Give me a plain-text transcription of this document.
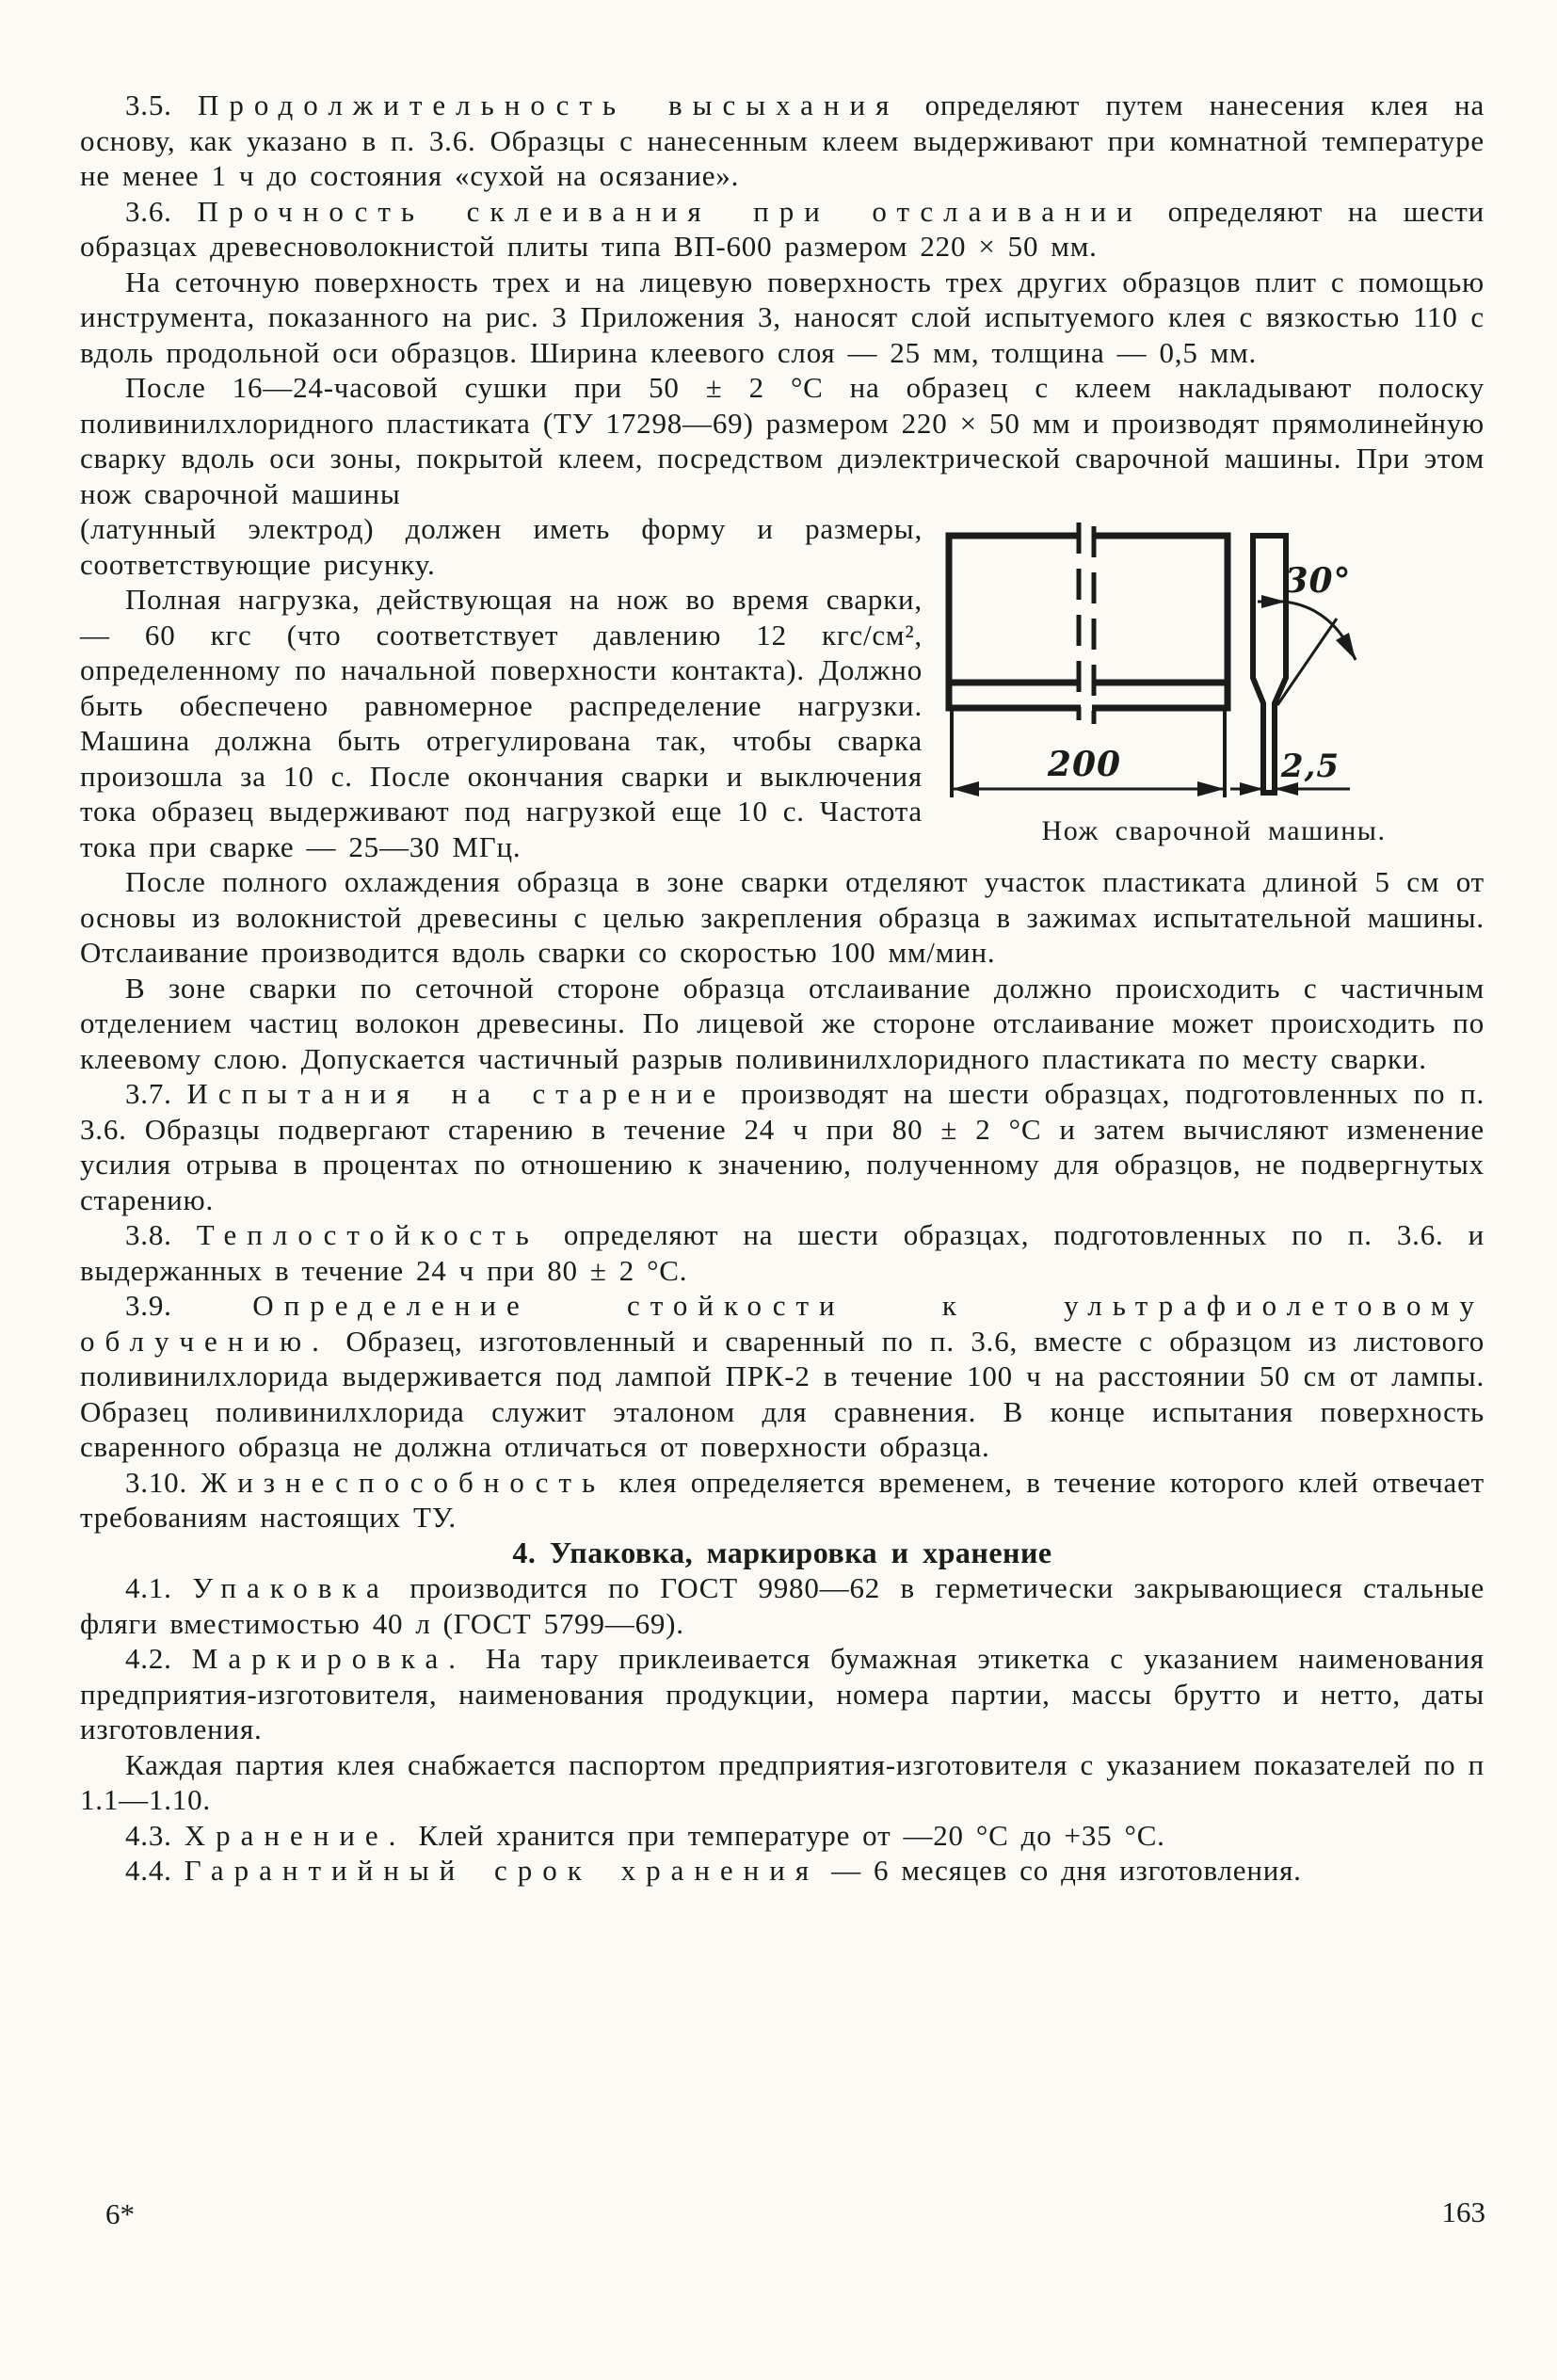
3.5. Продолжительность высыхания определяют путем нанесения клея на основу, как указано в п. 3.6. Образцы с нанесенным клеем выдерживают при комнатной температуре не менее 1 ч до состояния «сухой на осязание».

3.6. Прочность склеивания при отслаивании определяют на шести образцах древесноволокнистой плиты типа ВП-600 размером 220 × 50 мм.

На сеточную поверхность трех и на лицевую поверхность трех других образцов плит с помощью инструмента, показанного на рис. 3 Приложения 3, наносят слой испытуемого клея с вязкостью 110 с вдоль продольной оси образцов. Ширина клеевого слоя — 25 мм, толщина — 0,5 мм.

После 16—24-часовой сушки при 50 ± 2 °С на образец с клеем накладывают полоску поливинилхлоридного пластиката (ТУ 17298—69) размером 220 × 50 мм и производят прямолинейную сварку вдоль оси зоны, покрытой клеем, посредством диэлектрической сварочной машины. При этом нож сварочной машины

200
30°
2,5
Нож сварочной машины.

(латунный электрод) должен иметь форму и размеры, соответствующие рисунку.

Полная нагрузка, действующая на нож во время сварки, — 60 кгс (что соответствует давлению 12 кгс/см², определенному по начальной поверхности контакта). Должно быть обеспечено равномерное распределение нагрузки. Машина должна быть отрегулирована так, чтобы сварка произошла за 10 с. После окончания сварки и выключения тока образец выдерживают под нагрузкой еще 10 с. Частота тока при сварке — 25—30 МГц.

После полного охлаждения образца в зоне сварки отделяют участок пластиката длиной 5 см от основы из волокнистой древесины с целью закрепления образца в зажимах испытательной машины. Отслаивание производится вдоль сварки со скоростью 100 мм/мин.

В зоне сварки по сеточной стороне образца отслаивание должно происходить с частичным отделением частиц волокон древесины. По лицевой же стороне отслаивание может происходить по клеевому слою. Допускается частичный разрыв поливинилхлоридного пластиката по месту сварки.

3.7. Испытания на старение производят на шести образцах, подготовленных по п. 3.6. Образцы подвергают старению в течение 24 ч при 80 ± 2 °С и затем вычисляют изменение усилия отрыва в процентах по отношению к значению, полученному для образцов, не подвергнутых старению.

3.8. Теплостойкость определяют на шести образцах, подготовленных по п. 3.6. и выдержанных в течение 24 ч при 80 ± 2 °С.

3.9. Определение стойкости к ультрафиолетовому облучению. Образец, изготовленный и сваренный по п. 3.6, вместе с образцом из листового поливинилхлорида выдерживается под лампой ПРК-2 в течение 100 ч на расстоянии 50 см от лампы. Образец поливинилхлорида служит эталоном для сравнения. В конце испытания поверхность сваренного образца не должна отличаться от поверхности образца.

3.10. Жизнеспособность клея определяется временем, в течение которого клей отвечает требованиям настоящих ТУ.

4. Упаковка, маркировка и хранение

4.1. Упаковка производится по ГОСТ 9980—62 в герметически закрывающиеся стальные фляги вместимостью 40 л (ГОСТ 5799—69).

4.2. Маркировка. На тару приклеивается бумажная этикетка с указанием наименования предприятия-изготовителя, наименования продукции, номера партии, массы брутто и нетто, даты изготовления.

Каждая партия клея снабжается паспортом предприятия-изготовителя с указанием показателей по п 1.1—1.10.

4.3. Хранение. Клей хранится при температуре от —20 °С до +35 °С.

4.4. Гарантийный срок хранения — 6 месяцев со дня изготовления.

6*	163
